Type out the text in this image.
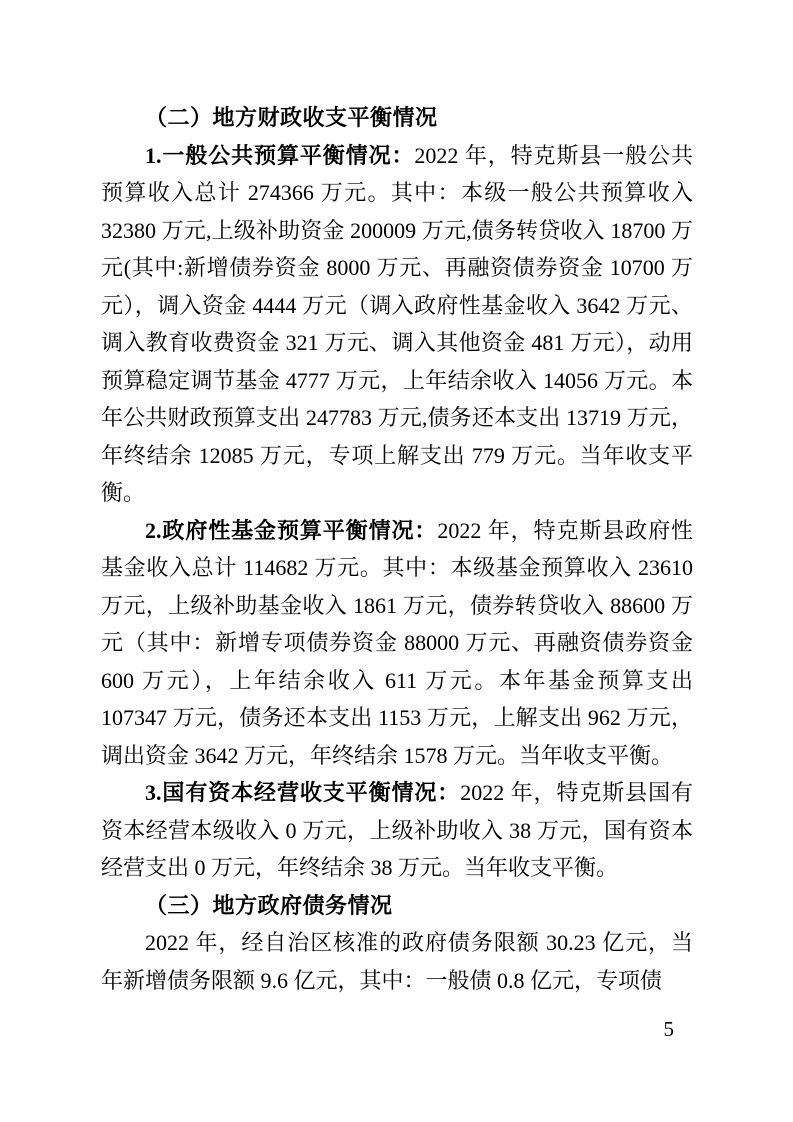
（二）地方财政收支平衡情况

1.一般公共预算平衡情况：2022 年，特克斯县一般公共预算收入总计 274366 万元。其中：本级一般公共预算收入 32380 万元,上级补助资金 200009 万元,债务转贷收入 18700 万元(其中:新增债券资金 8000 万元、再融资债券资金 10700 万元），调入资金 4444 万元（调入政府性基金收入 3642 万元、调入教育收费资金 321 万元、调入其他资金 481 万元），动用预算稳定调节基金 4777 万元，上年结余收入 14056 万元。本年公共财政预算支出 247783 万元,债务还本支出 13719 万元，年终结余 12085 万元，专项上解支出 779 万元。当年收支平衡。

2.政府性基金预算平衡情况：2022 年，特克斯县政府性基金收入总计 114682 万元。其中：本级基金预算收入 23610 万元，上级补助基金收入 1861 万元，债券转贷收入 88600 万元（其中：新增专项债券资金 88000 万元、再融资债券资金 600 万元），上年结余收入 611 万元。本年基金预算支出 107347 万元，债务还本支出 1153 万元，上解支出 962 万元，调出资金 3642 万元，年终结余 1578 万元。当年收支平衡。

3.国有资本经营收支平衡情况：2022 年，特克斯县国有资本经营本级收入 0 万元，上级补助收入 38 万元，国有资本经营支出 0 万元，年终结余 38 万元。当年收支平衡。

（三）地方政府债务情况

2022 年，经自治区核准的政府债务限额 30.23 亿元，当年新增债务限额 9.6 亿元，其中：一般债 0.8 亿元，专项债

5
